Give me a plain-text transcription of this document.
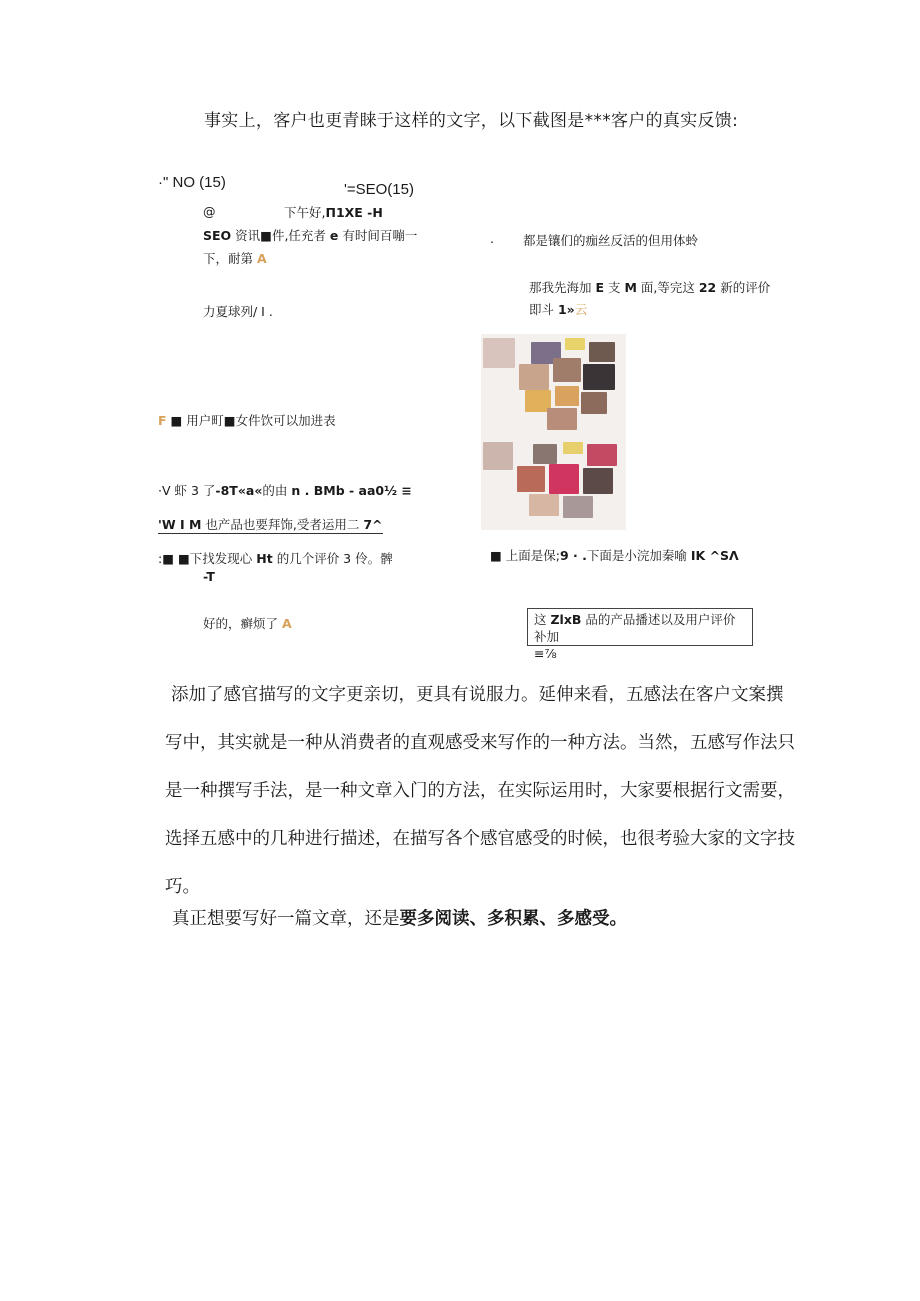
事实上，客户也更青睐于这样的文字，以下截图是***客户的真实反馈:
·" NO (15)
@	下午好,П1XE -H
SEO 资讯■件,任充者 e 有时间百嘣一
下，耐第 A
力夏球列/ I .
F ■ 用户町■女件饮可以加进表
·V 虾 3 了-8T«a«的由 n . BMb ‐ aa0½ ≡
'W I M 也产品也要拜饰,受者运用二 7^
:■ ■下找发现心 Ht 的几个评价 3 伶。髀
-T
好的，癣烦了 A
'=SEO(15)
. 都是镶们的痂丝反活的但用体蛉
那我先海加 E 支 M 面,等完这 22 新的评价
即斗 1»云
■ 上面是保;9 · .下面是小浣加秦喻 IK ^SΛ
这 ZlxB 品的产品播述以及用户评价补加
≡⅞
添加了感官描写的文字更亲切，更具有说服力。延伸来看，五感法在客户文案撰写中，其实就是一种从消费者的直观感受来写作的一种方法。当然，五感写作法只是一种撰写手法，是一种文章入门的方法，在实际运用时，大家要根据行文需要，选择五感中的几种进行描述，在描写各个感官感受的时候，也很考验大家的文字技巧。
真正想要写好一篇文章，还是要多阅读、多积累、多感受。
